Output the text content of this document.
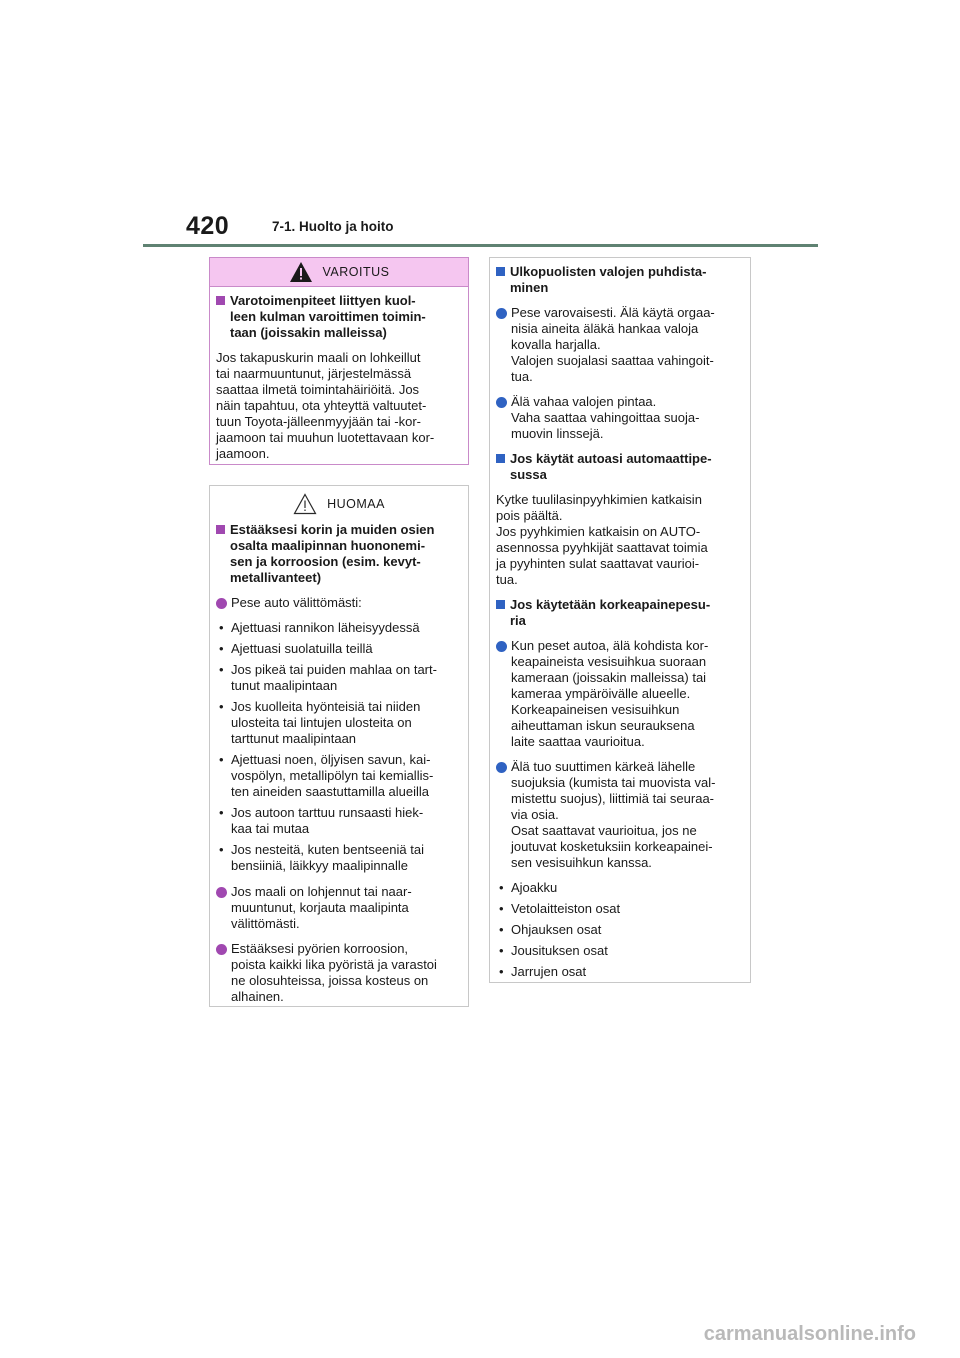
420	7-1. Huolto ja hoito
VAROITUS
Varotoimenpiteet liittyen kuol-
leen kulman varoittimen toimin-
taan (joissakin malleissa)
Jos takapuskurin maali on lohkeillut
tai naarmuuntunut, järjestelmässä
saattaa ilmetä toimintahäiriöitä. Jos
näin tapahtuu, ota yhteyttä valtuutet-
tuun Toyota-jälleenmyyjään tai -kor-
jaamoon tai muuhun luotettavaan kor-
jaamoon.
HUOMAA
Estääksesi korin ja muiden osien
osalta maalipinnan huononemi-
sen ja korroosion (esim. kevyt-
metallivanteet)
Pese auto välittömästi:
• Ajettuasi rannikon läheisyydessä
• Ajettuasi suolatuilla teillä
• Jos pikeä tai puiden mahlaa on tart-
tunut maalipintaan
• Jos kuolleita hyönteisiä tai niiden
ulosteita tai lintujen ulosteita on
tarttunut maalipintaan
• Ajettuasi noen, öljyisen savun, kai-
vospölyn, metallipölyn tai kemiallis-
ten aineiden saastuttamilla alueilla
• Jos autoon tarttuu runsaasti hiek-
kaa tai mutaa
• Jos nesteitä, kuten bentseeniä tai
bensiiniä, läikkyy maalipinnalle
Jos maali on lohjennut tai naar-
muuntunut, korjauta maalipinta
välittömästi.
Estääksesi pyörien korroosion,
poista kaikki lika pyöristä ja varastoi
ne olosuhteissa, joissa kosteus on
alhainen.
Ulkopuolisten valojen puhdista-
minen
Pese varovaisesti. Älä käytä orgaa-
nisia aineita äläkä hankaa valoja
kovalla harjalla.
Valojen suojalasi saattaa vahingoit-
tua.
Älä vahaa valojen pintaa.
Vaha saattaa vahingoittaa suoja-
muovin linssejä.
Jos käytät autoasi automaattipe-
sussa
Kytke tuulilasinpyyhkimien katkaisin
pois päältä.
Jos pyyhkimien katkaisin on AUTO-
asennossa pyyhkijät saattavat toimia
ja pyyhinten sulat saattavat vaurioi-
tua.
Jos käytetään korkeapainepesu-
ria
Kun peset autoa, älä kohdista kor-
keapaineista vesisuihkua suoraan
kameraan (joissakin malleissa) tai
kameraa ympäröivälle alueelle.
Korkeapaineisen vesisuihkun
aiheuttaman iskun seurauksena
laite saattaa vaurioitua.
Älä tuo suuttimen kärkeä lähelle
suojuksia (kumista tai muovista val-
mistettu suojus), liittimiä tai seuraa-
via osia.
Osat saattavat vaurioitua, jos ne
joutuvat kosketuksiin korkeapainei-
sen vesisuihkun kanssa.
• Ajoakku
• Vetolaitteiston osat
• Ohjauksen osat
• Jousituksen osat
• Jarrujen osat
carmanualsonline.info
